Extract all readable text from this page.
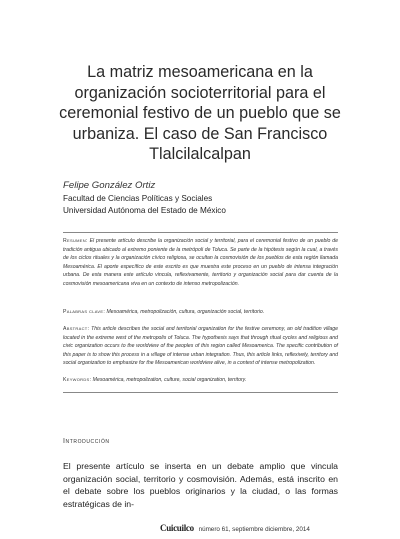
La matriz mesoamericana en la organización socioterritorial para el ceremonial festivo de un pueblo que se urbaniza. El caso de San Francisco Tlalcilalcalpan
Felipe González Ortiz
Facultad de Ciencias Políticas y Sociales
Universidad Autónoma del Estado de México

Resumen: El presente artículo describe la organización social y territorial, para el ceremonial festivo de un pueblo de tradición antigua ubicado al extremo poniente de la metrópoli de Toluca. Se parte de la hipótesis según la cual, a través de los ciclos rituales y la organización cívico religiosa, se ocultan la cosmovisión de los pueblos de esta región llamada Mesoamérica. El aporte específico de este escrito es que muestra este proceso en un pueblo de intensa integración urbana. De esta manera este artículo vincula, reflexivamente, territorio y organización social para dar cuenta de la cosmovisión mesoamericana viva en un contexto de intenso metropolización.

Palabras clave: Mesoamérica, metropolización, cultura, organización social, territorio.

Abstract: This article describes the social and territorial organization for the festive ceremony, an old tradition village located in the extreme west of the metropolis of Toluca. The hypothesis says that through ritual cycles and religious and civic organization occurs to the worldview of the peoples of this region called Mesoamerica. The specific contribution of this paper is to show this process in a village of intense urban integration. Thus, this article links, reflexively, territory and social organization to emphasize for the Mesoamerican worldview alive, in a context of intense metropolization.

Keywords: Mesoamérica, metropolization, culture, social organization, territory.

Introducción

El presente artículo se inserta en un debate amplio que vincula organización social, territorio y cosmovisión. Además, está inscrito en el debate sobre los pueblos originarios y la ciudad, o las formas estratégicas de in-

Cuicuilco número 61, septiembre diciembre, 2014
